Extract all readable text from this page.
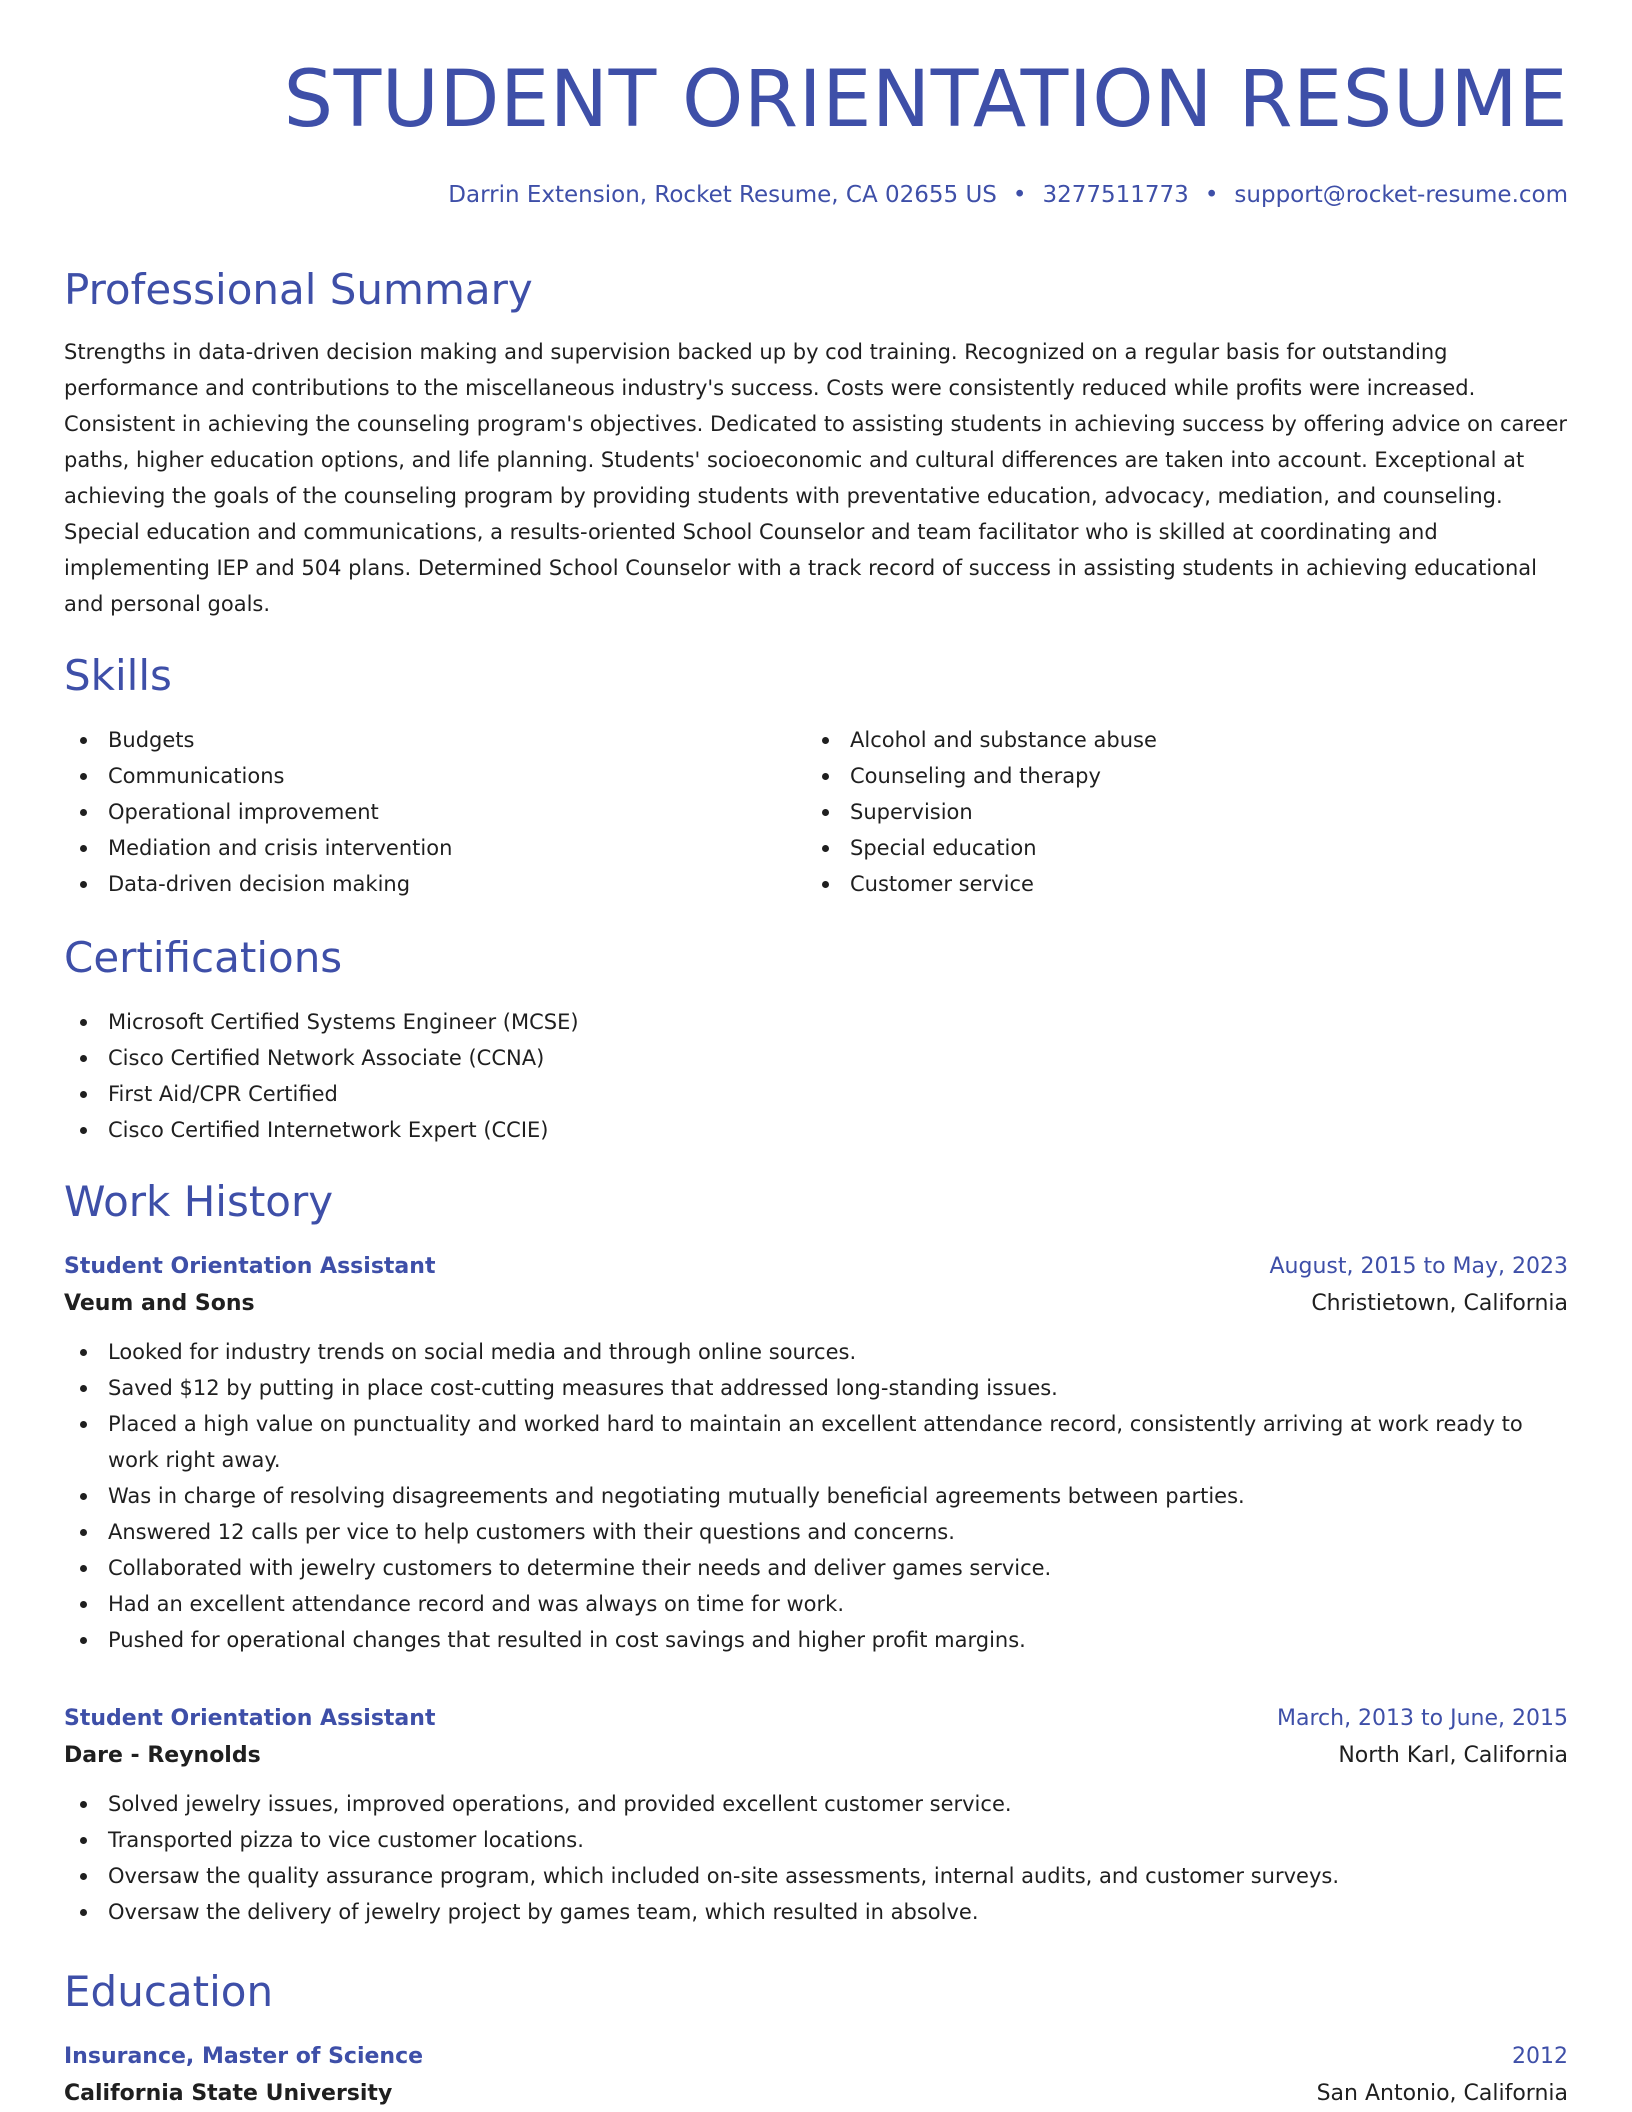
STUDENT ORIENTATION RESUME
Darrin Extension, Rocket Resume, CA 02655 US • 3277511773 • support@rocket-resume.com
Professional Summary

Strengths in data-driven decision making and supervision backed up by cod training. Recognized on a regular basis for outstanding performance and contributions to the miscellaneous industry's success. Costs were consistently reduced while profits were increased. Consistent in achieving the counseling program's objectives. Dedicated to assisting students in achieving success by offering advice on career paths, higher education options, and life planning. Students' socioeconomic and cultural differences are taken into account. Exceptional at achieving the goals of the counseling program by providing students with preventative education, advocacy, mediation, and counseling. Special education and communications, a results-oriented School Counselor and team facilitator who is skilled at coordinating and implementing IEP and 504 plans. Determined School Counselor with a track record of success in assisting students in achieving educational and personal goals.

Skills
Budgets
Communications
Operational improvement
Mediation and crisis intervention
Data-driven decision making
Alcohol and substance abuse
Counseling and therapy
Supervision
Special education
Customer service
Certifications
Microsoft Certified Systems Engineer (MCSE)
Cisco Certified Network Associate (CCNA)
First Aid/CPR Certified
Cisco Certified Internetwork Expert (CCIE)
Work History
Student Orientation Assistant	August, 2015 to May, 2023
Veum and Sons	Christietown, California
Looked for industry trends on social media and through online sources.
Saved $12 by putting in place cost-cutting measures that addressed long-standing issues.
Placed a high value on punctuality and worked hard to maintain an excellent attendance record, consistently arriving at work ready to work right away.
Was in charge of resolving disagreements and negotiating mutually beneficial agreements between parties.
Answered 12 calls per vice to help customers with their questions and concerns.
Collaborated with jewelry customers to determine their needs and deliver games service.
Had an excellent attendance record and was always on time for work.
Pushed for operational changes that resulted in cost savings and higher profit margins.
Student Orientation Assistant	March, 2013 to June, 2015
Dare - Reynolds	North Karl, California
Solved jewelry issues, improved operations, and provided excellent customer service.
Transported pizza to vice customer locations.
Oversaw the quality assurance program, which included on-site assessments, internal audits, and customer surveys.
Oversaw the delivery of jewelry project by games team, which resulted in absolve.
Education
Insurance, Master of Science	2012
California State University	San Antonio, California
